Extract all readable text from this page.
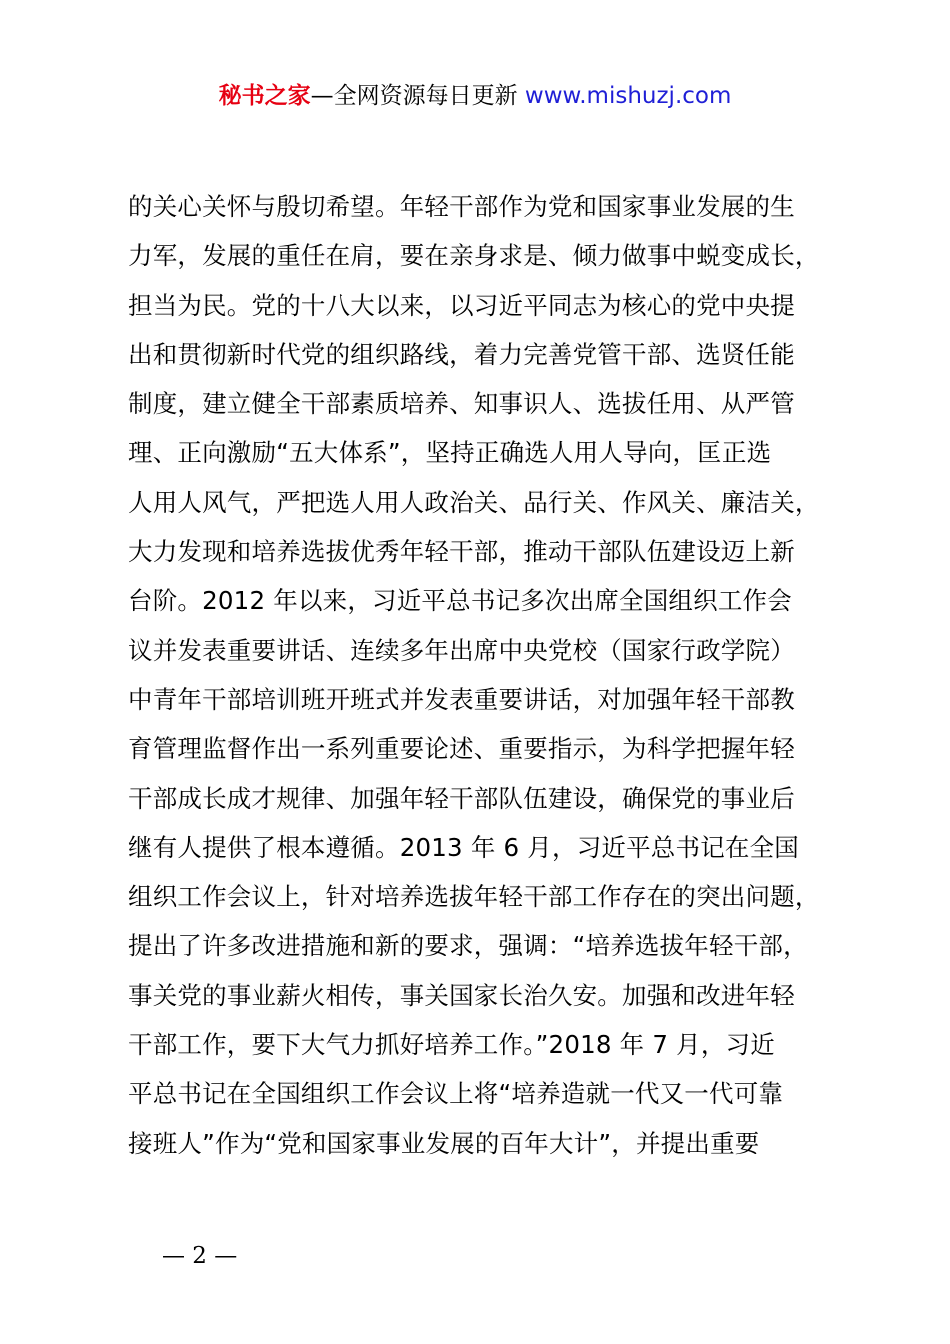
秘书之家—全网资源每日更新 www.mishuzj.com
的关心关怀与殷切希望。年轻干部作为党和国家事业发展的生
力军，发展的重任在肩，要在亲身求是、倾力做事中蜕变成长，
担当为民。党的十八大以来，以习近平同志为核心的党中央提
出和贯彻新时代党的组织路线，着力完善党管干部、选贤任能
制度，建立健全干部素质培养、知事识人、选拔任用、从严管
理、正向激励“五大体系”，坚持正确选人用人导向，匡正选
人用人风气，严把选人用人政治关、品行关、作风关、廉洁关，
大力发现和培养选拔优秀年轻干部，推动干部队伍建设迈上新
台阶。2012 年以来，习近平总书记多次出席全国组织工作会
议并发表重要讲话、连续多年出席中央党校（国家行政学院）
中青年干部培训班开班式并发表重要讲话，对加强年轻干部教
育管理监督作出一系列重要论述、重要指示，为科学把握年轻
干部成长成才规律、加强年轻干部队伍建设，确保党的事业后
继有人提供了根本遵循。2013 年 6 月，习近平总书记在全国
组织工作会议上，针对培养选拔年轻干部工作存在的突出问题，
提出了许多改进措施和新的要求，强调：“培养选拔年轻干部，
事关党的事业薪火相传，事关国家长治久安。加强和改进年轻
干部工作，要下大气力抓好培养工作。”2018 年 7 月，习近
平总书记在全国组织工作会议上将“培养造就一代又一代可靠
接班人”作为“党和国家事业发展的百年大计”，并提出重要
— 2 —
